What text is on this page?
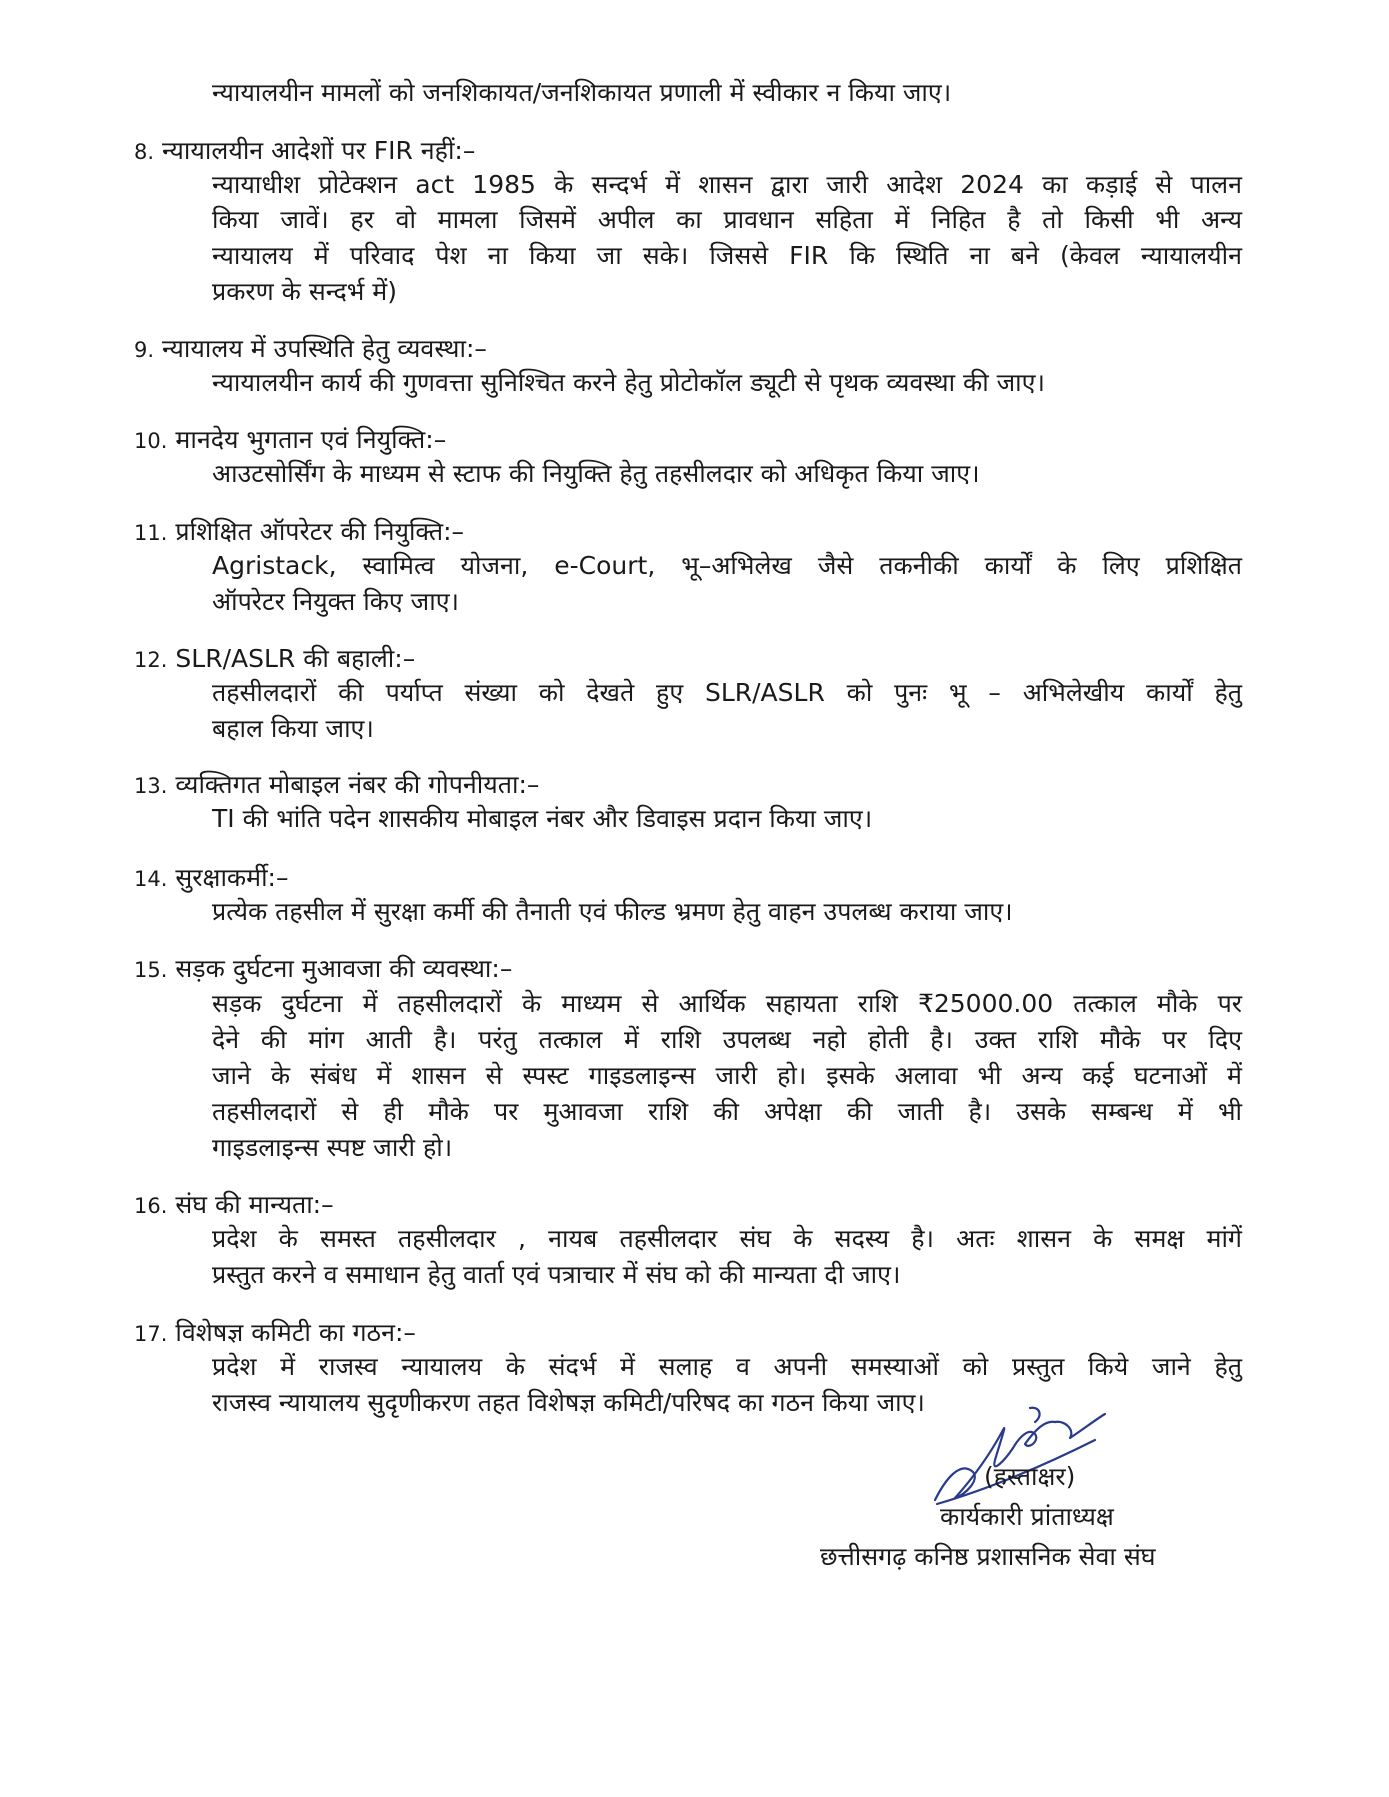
न्यायालयीन मामलों को जनशिकायत/जनशिकायत प्रणाली में स्वीकार न किया जाए।
8. न्यायालयीन आदेशों पर FIR नहीं:–
न्यायाधीश प्रोटेक्शन act 1985 के सन्दर्भ में शासन द्वारा जारी आदेश 2024 का कड़ाई से पालन
किया जावें। हर वो मामला जिसमें अपील का प्रावधान सहिता में निहित है तो किसी भी अन्य
न्यायालय में परिवाद पेश ना किया जा सके। जिससे FIR कि स्थिति ना बने (केवल न्यायालयीन
प्रकरण के सन्दर्भ में)
9. न्यायालय में उपस्थिति हेतु व्यवस्था:–
न्यायालयीन कार्य की गुणवत्ता सुनिश्चित करने हेतु प्रोटोकॉल ड्यूटी से पृथक व्यवस्था की जाए।
10. मानदेय भुगतान एवं नियुक्ति:–
आउटसोर्सिंग के माध्यम से स्टाफ की नियुक्ति हेतु तहसीलदार को अधिकृत किया जाए।
11. प्रशिक्षित ऑपरेटर की नियुक्ति:–
Agristack, स्वामित्व योजना, e-Court, भू–अभिलेख जैसे तकनीकी कार्यों के लिए प्रशिक्षित
ऑपरेटर नियुक्त किए जाए।
12. SLR/ASLR की बहाली:–
तहसीलदारों की पर्याप्त संख्या को देखते हुए SLR/ASLR को पुनः भू – अभिलेखीय कार्यों हेतु
बहाल किया जाए।
13. व्यक्तिगत मोबाइल नंबर की गोपनीयता:–
TI की भांति पदेन शासकीय मोबाइल नंबर और डिवाइस प्रदान किया जाए।
14. सुरक्षाकर्मी:–
प्रत्येक तहसील में सुरक्षा कर्मी की तैनाती एवं फील्ड भ्रमण हेतु वाहन उपलब्ध कराया जाए।
15. सड़क दुर्घटना मुआवजा की व्यवस्था:–
सड़क दुर्घटना में तहसीलदारों के माध्यम से आर्थिक सहायता राशि ₹25000.00 तत्काल मौके पर
देने की मांग आती है। परंतु तत्काल में राशि उपलब्ध नहो होती है। उक्त राशि मौके पर दिए
जाने के संबंध में शासन से स्पस्ट गाइडलाइन्स जारी हो। इसके अलावा भी अन्य कई घटनाओं में
तहसीलदारों से ही मौके पर मुआवजा राशि की अपेक्षा की जाती है। उसके सम्बन्ध में भी
गाइडलाइन्स स्पष्ट जारी हो।
16. संघ की मान्यता:–
प्रदेश के समस्त तहसीलदार , नायब तहसीलदार संघ के सदस्य है। अतः शासन के समक्ष मांगें
प्रस्तुत करने व समाधान हेतु वार्ता एवं पत्राचार में संघ को की मान्यता दी जाए।
17. विशेषज्ञ कमिटी का गठन:–
प्रदेश में राजस्व न्यायालय के संदर्भ में सलाह व अपनी समस्याओं को प्रस्तुत किये जाने हेतु
राजस्व न्यायालय सुदृणीकरण तहत विशेषज्ञ कमिटी/परिषद का गठन किया जाए।
(हस्ताक्षर)
कार्यकारी प्रांताध्यक्ष
छत्तीसगढ़ कनिष्ठ प्रशासनिक सेवा संघ
